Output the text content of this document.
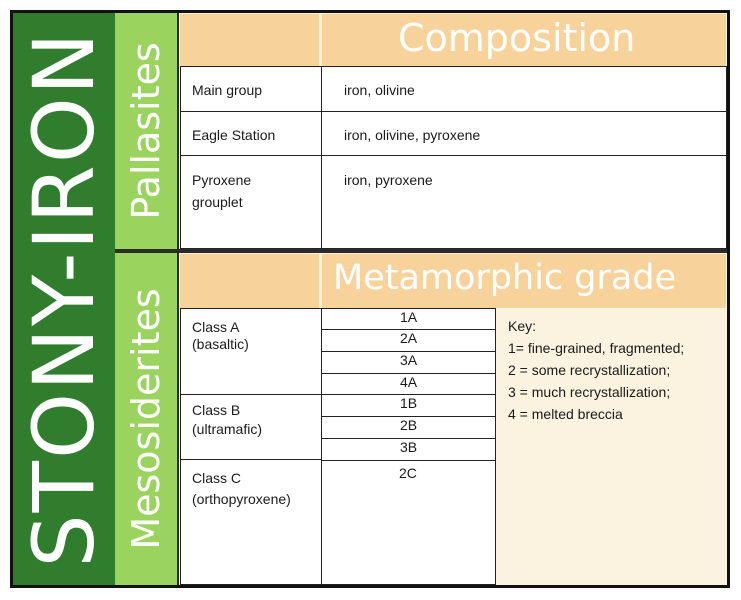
STONY-IRON Pallasites
Mesosiderites
Composition
Main group	iron, olivine
Eagle Station	iron, olivine, pyroxene
Pyroxene
grouplet
iron, pyroxene
Metamorphic grade
Class A
(basaltic)
Class B
(ultramafic)
Class C
(orthopyroxene)
1A
2A
3A
4A
1B
2B
3B
2C
Key:
1= fine-grained, fragmented;
2 = some recrystallization;
3 = much recrystallization;
4 = melted breccia
